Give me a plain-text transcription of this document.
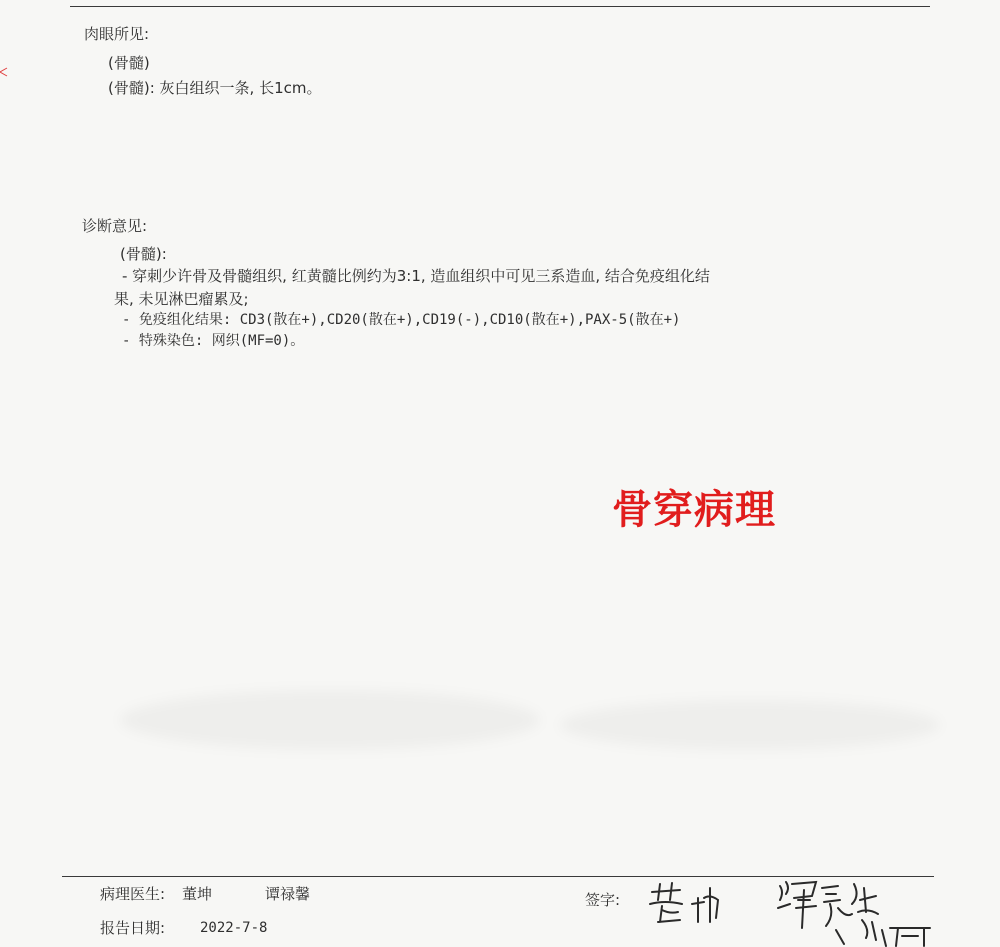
肉眼所见:
(骨髓)
(骨髓): 灰白组织一条, 长1cm。
诊断意见:
(骨髓):
- 穿刺少许骨及骨髓组织, 红黄髓比例约为3:1, 造血组织中可见三系造血, 结合免疫组化结
果, 未见淋巴瘤累及;
- 免疫组化结果: CD3(散在+),CD20(散在+),CD19(-),CD10(散在+),PAX-5(散在+)
- 特殊染色: 网织(MF=0)。
骨穿病理
病理医生: 董坤	谭禄馨	签字:
报告日期: 2022-7-8
